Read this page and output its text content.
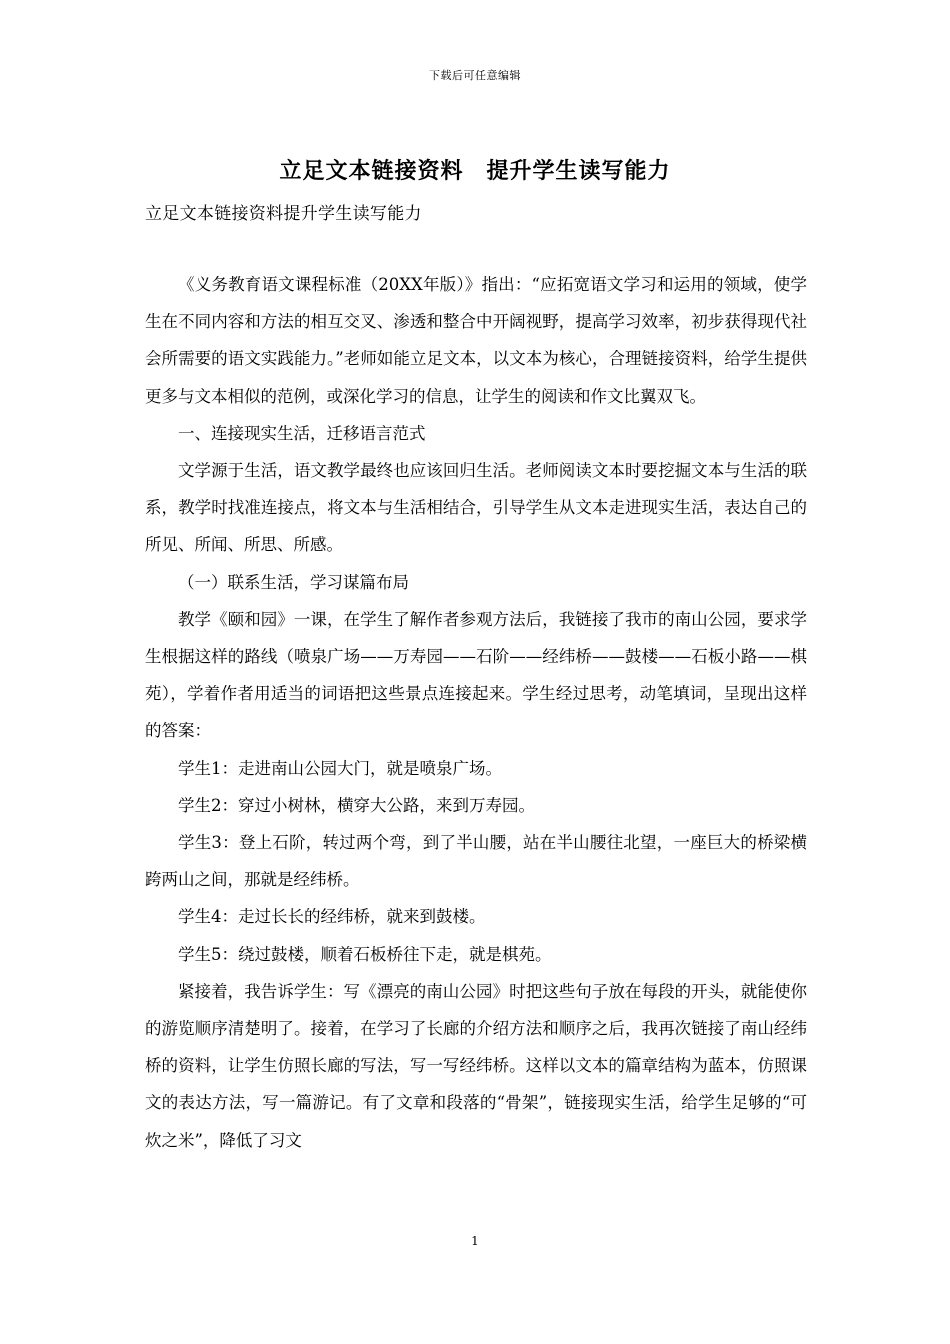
下载后可任意编辑
立足文本链接资料　提升学生读写能力
立足文本链接资料提升学生读写能力

《义务教育语文课程标准（20XX年版）》指出：“应拓宽语文学习和运用的领域，使学生在不同内容和方法的相互交叉、渗透和整合中开阔视野，提高学习效率，初步获得现代社会所需要的语文实践能力。”老师如能立足文本，以文本为核心，合理链接资料，给学生提供更多与文本相似的范例，或深化学习的信息，让学生的阅读和作文比翼双飞。

一、连接现实生活，迁移语言范式

文学源于生活，语文教学最终也应该回归生活。老师阅读文本时要挖掘文本与生活的联系，教学时找准连接点，将文本与生活相结合，引导学生从文本走进现实生活，表达自己的所见、所闻、所思、所感。

（一）联系生活，学习谋篇布局

教学《颐和园》一课，在学生了解作者参观方法后，我链接了我市的南山公园，要求学生根据这样的路线（喷泉广场——万寿园——石阶——经纬桥——鼓楼——石板小路——棋苑），学着作者用适当的词语把这些景点连接起来。学生经过思考，动笔填词，呈现出这样的答案：

学生1：走进南山公园大门，就是喷泉广场。

学生2：穿过小树林，横穿大公路，来到万寿园。

学生3：登上石阶，转过两个弯，到了半山腰，站在半山腰往北望，一座巨大的桥梁横跨两山之间，那就是经纬桥。

学生4：走过长长的经纬桥，就来到鼓楼。

学生5：绕过鼓楼，顺着石板桥往下走，就是棋苑。

紧接着，我告诉学生：写《漂亮的南山公园》时把这些句子放在每段的开头，就能使你的游览顺序清楚明了。接着，在学习了长廊的介绍方法和顺序之后，我再次链接了南山经纬桥的资料，让学生仿照长廊的写法，写一写经纬桥。这样以文本的篇章结构为蓝本，仿照课文的表达方法，写一篇游记。有了文章和段落的“骨架”，链接现实生活，给学生足够的“可炊之米”，降低了习文

1
